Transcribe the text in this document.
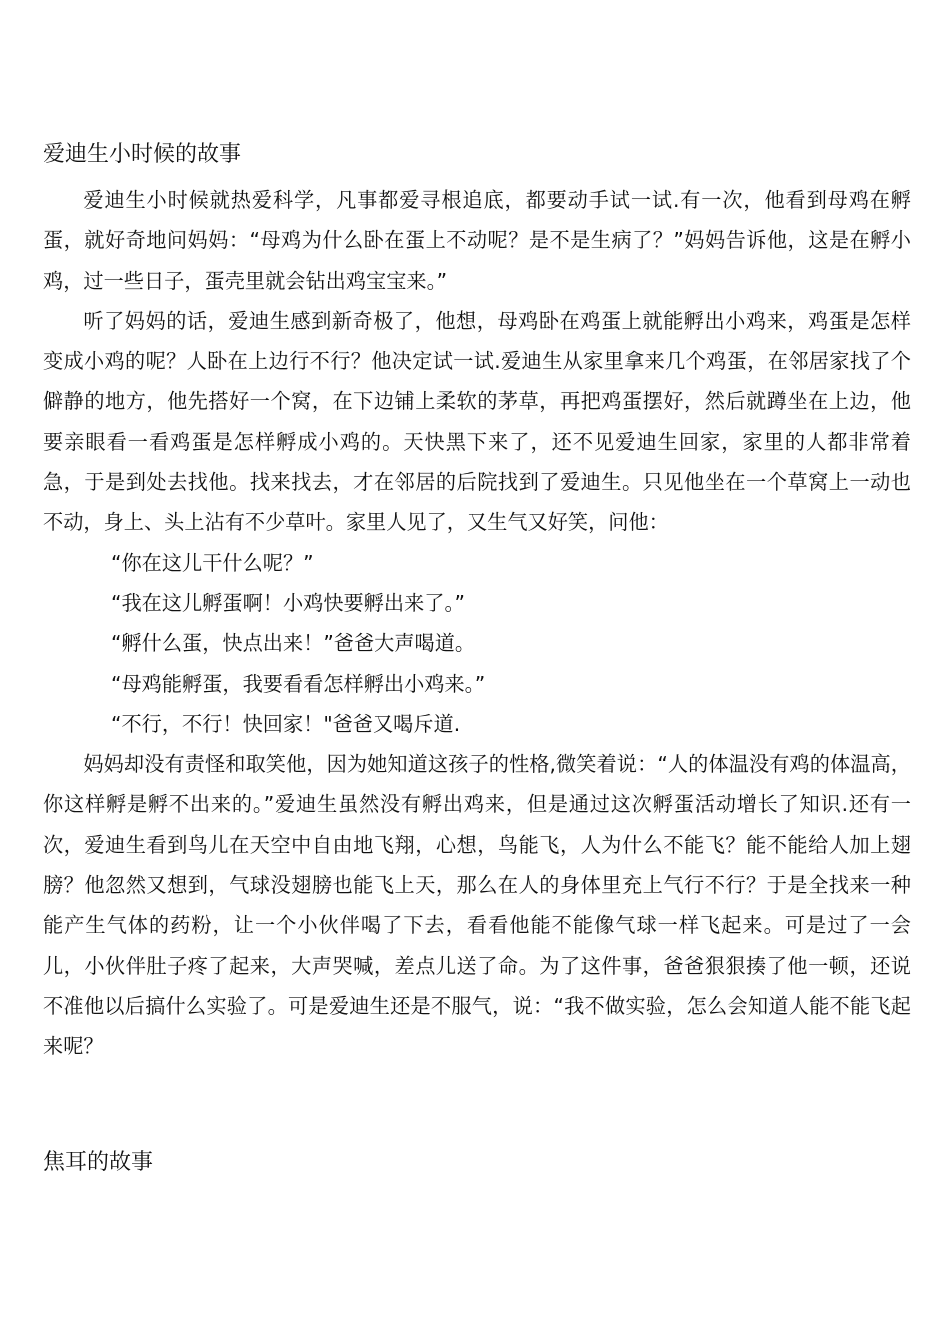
爱迪生小时候的故事

爱迪生小时候就热爱科学，凡事都爱寻根追底，都要动手试一试.有一次，他看到母鸡在孵蛋，就好奇地问妈妈：“母鸡为什么卧在蛋上不动呢？是不是生病了？”妈妈告诉他，这是在孵小鸡，过一些日子，蛋壳里就会钻出鸡宝宝来。”

听了妈妈的话，爱迪生感到新奇极了，他想，母鸡卧在鸡蛋上就能孵出小鸡来，鸡蛋是怎样变成小鸡的呢？人卧在上边行不行？他决定试一试.爱迪生从家里拿来几个鸡蛋，在邻居家找了个僻静的地方，他先搭好一个窝，在下边铺上柔软的茅草，再把鸡蛋摆好，然后就蹲坐在上边，他要亲眼看一看鸡蛋是怎样孵成小鸡的。天快黑下来了，还不见爱迪生回家，家里的人都非常着急，于是到处去找他。找来找去，才在邻居的后院找到了爱迪生。只见他坐在一个草窝上一动也不动，身上、头上沾有不少草叶。家里人见了，又生气又好笑，问他：

“你在这儿干什么呢？”

“我在这儿孵蛋啊！小鸡快要孵出来了。”

“孵什么蛋，快点出来！”爸爸大声喝道。

“母鸡能孵蛋，我要看看怎样孵出小鸡来。”

“不行，不行！快回家！"爸爸又喝斥道.

妈妈却没有责怪和取笑他，因为她知道这孩子的性格,微笑着说：“人的体温没有鸡的体温高，你这样孵是孵不出来的。”爱迪生虽然没有孵出鸡来，但是通过这次孵蛋活动增长了知识.还有一次，爱迪生看到鸟儿在天空中自由地飞翔，心想，鸟能飞，人为什么不能飞？能不能给人加上翅膀？他忽然又想到，气球没翅膀也能飞上天，那么在人的身体里充上气行不行？于是全找来一种能产生气体的药粉，让一个小伙伴喝了下去，看看他能不能像气球一样飞起来。可是过了一会儿，小伙伴肚子疼了起来，大声哭喊，差点儿送了命。为了这件事，爸爸狠狠揍了他一顿，还说不准他以后搞什么实验了。可是爱迪生还是不服气，说：“我不做实验，怎么会知道人能不能飞起来呢？

焦耳的故事
